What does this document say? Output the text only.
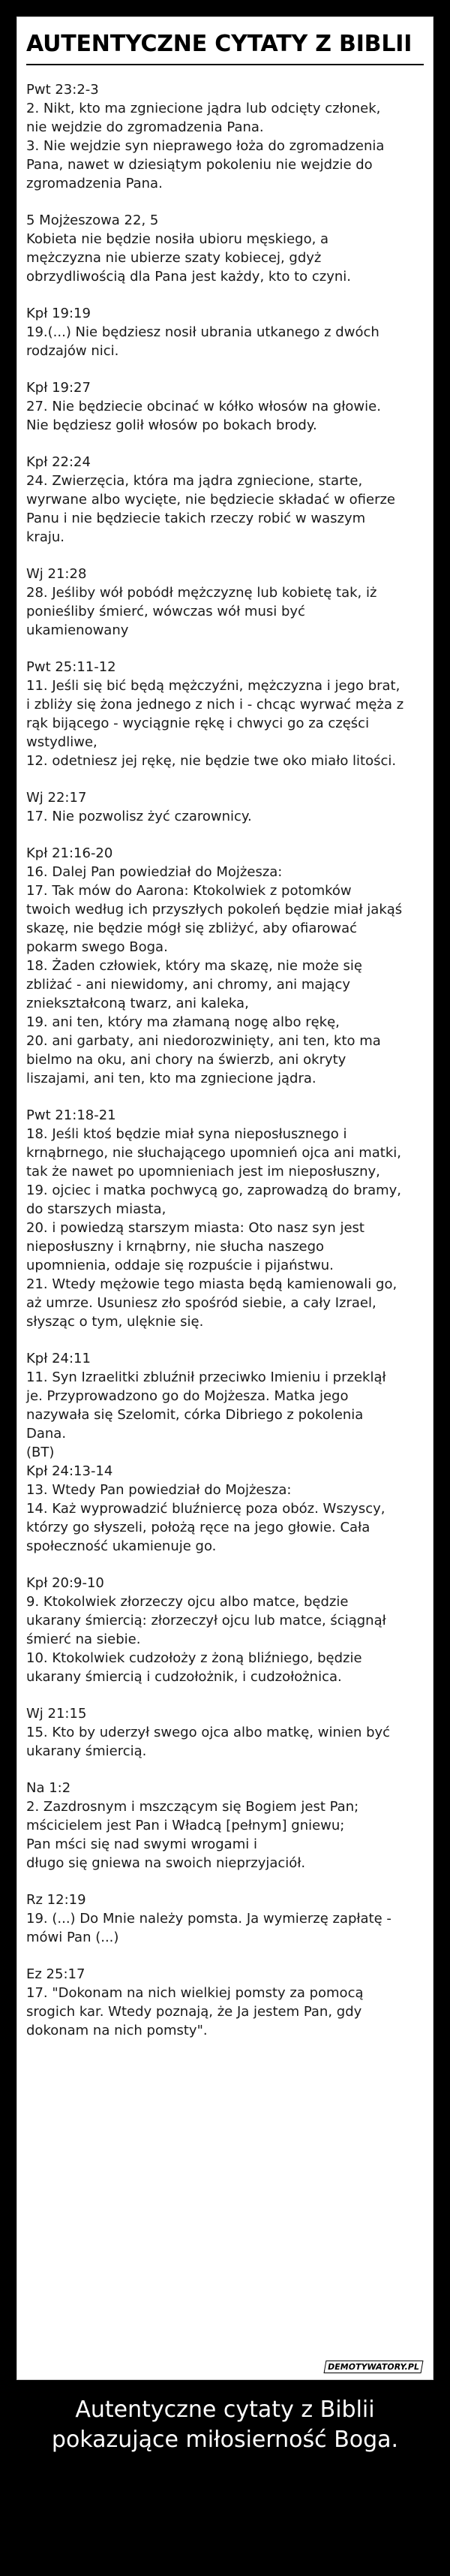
AUTENTYCZNE CYTATY Z BIBLII
Pwt 23:2-3
2. Nikt, kto ma zgniecione jądra lub odcięty członek,
nie wejdzie do zgromadzenia Pana.
3. Nie wejdzie syn nieprawego łoża do zgromadzenia
Pana, nawet w dziesiątym pokoleniu nie wejdzie do
zgromadzenia Pana.
5 Mojżeszowa 22, 5
Kobieta nie będzie nosiła ubioru męskiego, a
mężczyzna nie ubierze szaty kobiecej, gdyż
obrzydliwością dla Pana jest każdy, kto to czyni.
Kpł 19:19
19.(...) Nie będziesz nosił ubrania utkanego z dwóch
rodzajów nici.
Kpł 19:27
27. Nie będziecie obcinać w kółko włosów na głowie.
Nie będziesz golił włosów po bokach brody.
Kpł 22:24
24. Zwierzęcia, która ma jądra zgniecione, starte,
wyrwane albo wycięte, nie będziecie składać w ofierze
Panu i nie będziecie takich rzeczy robić w waszym
kraju.
Wj 21:28
28. Jeśliby wół pobódł mężczyznę lub kobietę tak, iż
ponieśliby śmierć, wówczas wół musi być
ukamienowany
Pwt 25:11-12
11. Jeśli się bić będą mężczyźni, mężczyzna i jego brat,
i zbliży się żona jednego z nich i - chcąc wyrwać męża z
rąk bijącego - wyciągnie rękę i chwyci go za części
wstydliwe,
12. odetniesz jej rękę, nie będzie twe oko miało litości.
Wj 22:17
17. Nie pozwolisz żyć czarownicy.
Kpł 21:16-20
16. Dalej Pan powiedział do Mojżesza:
17. Tak mów do Aarona: Ktokolwiek z potomków
twoich według ich przyszłych pokoleń będzie miał jakąś
skazę, nie będzie mógł się zbliżyć, aby ofiarować
pokarm swego Boga.
18. Żaden człowiek, który ma skazę, nie może się
zbliżać - ani niewidomy, ani chromy, ani mający
zniekształconą twarz, ani kaleka,
19. ani ten, który ma złamaną nogę albo rękę,
20. ani garbaty, ani niedorozwinięty, ani ten, kto ma
bielmo na oku, ani chory na świerzb, ani okryty
liszajami, ani ten, kto ma zgniecione jądra.
Pwt 21:18-21
18. Jeśli ktoś będzie miał syna nieposłusznego i
krnąbrnego, nie słuchającego upomnień ojca ani matki,
tak że nawet po upomnieniach jest im nieposłuszny,
19. ojciec i matka pochwycą go, zaprowadzą do bramy,
do starszych miasta,
20. i powiedzą starszym miasta: Oto nasz syn jest
nieposłuszny i krnąbrny, nie słucha naszego
upomnienia, oddaje się rozpuście i pijaństwu.
21. Wtedy mężowie tego miasta będą kamienowali go,
aż umrze. Usuniesz zło spośród siebie, a cały Izrael,
słysząc o tym, ulęknie się.
Kpł 24:11
11. Syn Izraelitki zbluźnił przeciwko Imieniu i przeklął
je. Przyprowadzono go do Mojżesza. Matka jego
nazywała się Szelomit, córka Dibriego z pokolenia
Dana.
(BT)
Kpł 24:13-14
13. Wtedy Pan powiedział do Mojżesza:
14. Każ wyprowadzić bluźniercę poza obóz. Wszyscy,
którzy go słyszeli, położą ręce na jego głowie. Cała
społeczność ukamienuje go.
Kpł 20:9-10
9. Ktokolwiek złorzeczy ojcu albo matce, będzie
ukarany śmiercią: złorzeczył ojcu lub matce, ściągnął
śmierć na siebie.
10. Ktokolwiek cudzołoży z żoną bliźniego, będzie
ukarany śmiercią i cudzołożnik, i cudzołożnica.
Wj 21:15
15. Kto by uderzył swego ojca albo matkę, winien być
ukarany śmiercią.
Na 1:2
2. Zazdrosnym i mszczącym się Bogiem jest Pan;
mścicielem jest Pan i Władcą [pełnym] gniewu;
Pan mści się nad swymi wrogami i
długo się gniewa na swoich nieprzyjaciół.
Rz 12:19
19. (...) Do Mnie należy pomsta. Ja wymierzę zapłatę -
mówi Pan (...)
Ez 25:17
17. "Dokonam na nich wielkiej pomsty za pomocą
srogich kar. Wtedy poznają, że Ja jestem Pan, gdy
dokonam na nich pomsty".
DEMOTYWATORY.PL
Autentyczne cytaty z Biblii
pokazujące miłosierność Boga.
